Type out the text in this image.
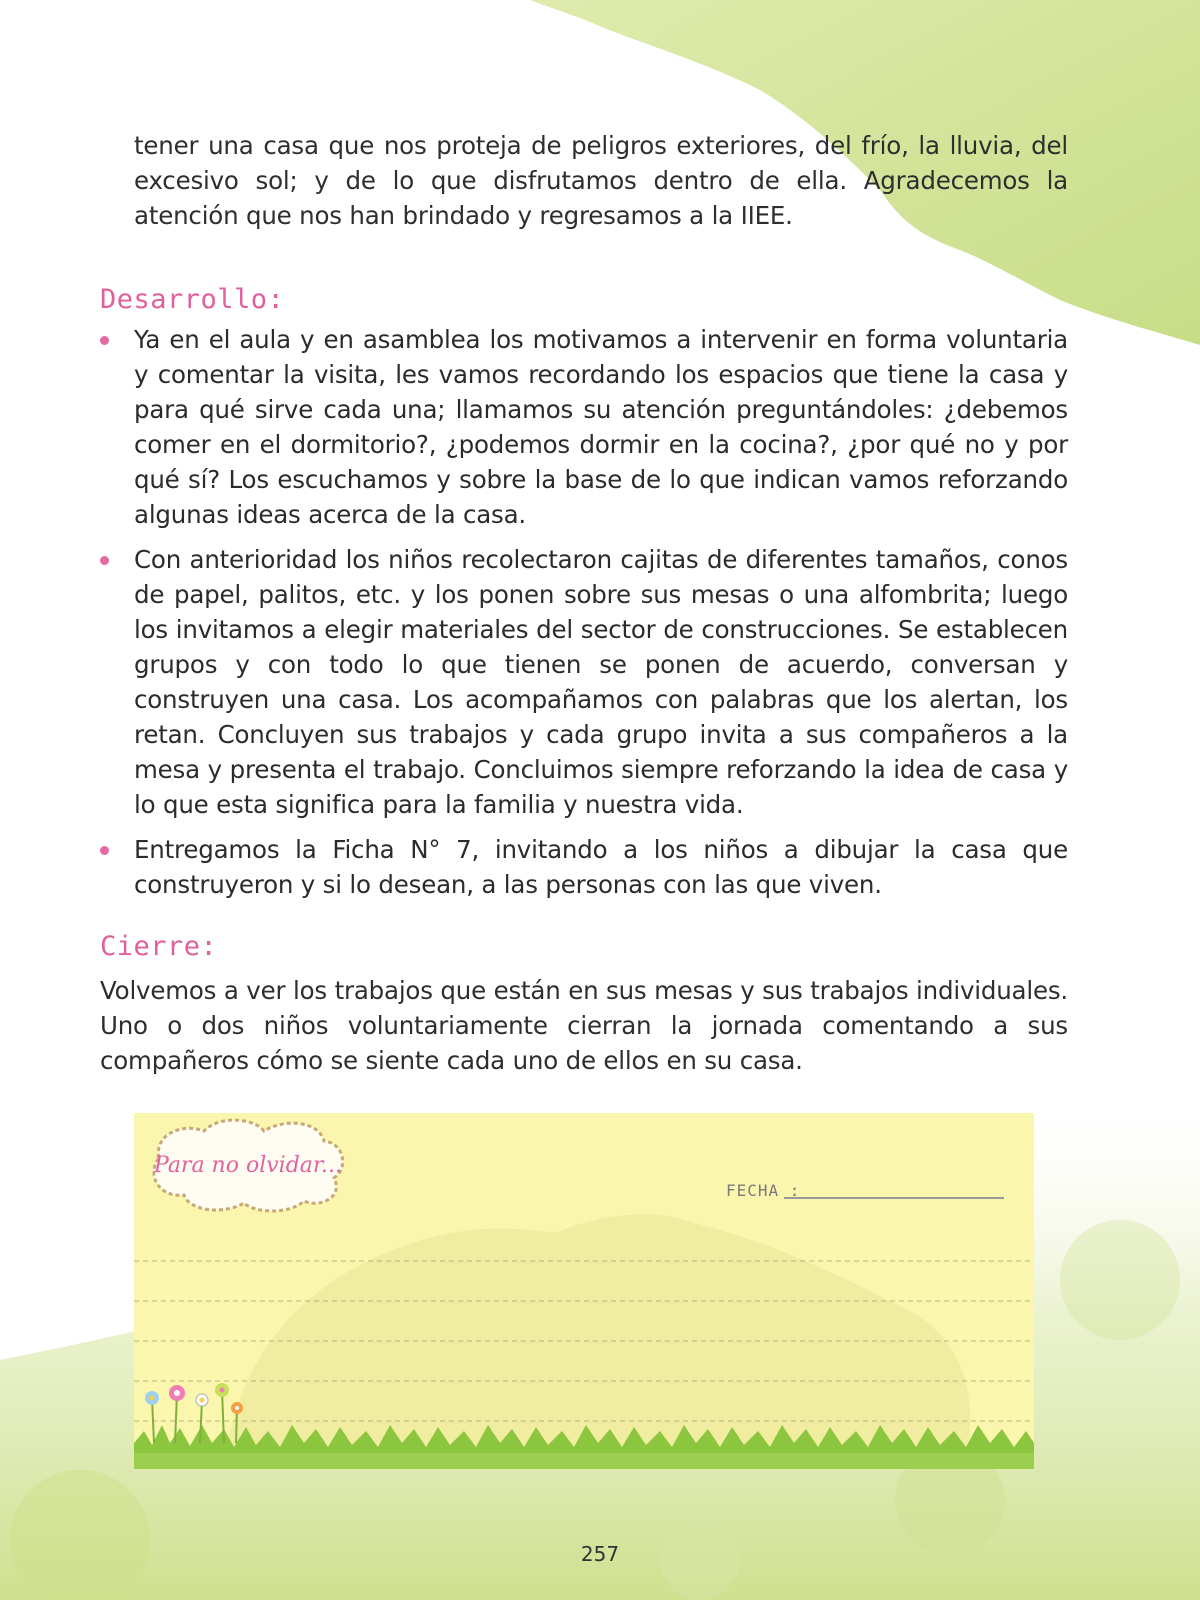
tener una casa que nos proteja de peligros exteriores, del frío, la lluvia, del excesivo sol; y de lo que disfrutamos dentro de ella. Agradecemos la atención que nos han brindado y regresamos a la IIEE.
Desarrollo:
Ya en el aula y en asamblea los motivamos a intervenir en forma voluntaria y comentar la visita, les vamos recordando los espacios que tiene la casa y para qué sirve cada una; llamamos su atención preguntándoles: ¿debemos comer en el dormitorio?, ¿podemos dormir en la cocina?, ¿por qué no y por qué sí? Los escuchamos y sobre la base de lo que indican vamos reforzando algunas ideas acerca de la casa.
Con anterioridad los niños recolectaron cajitas de diferentes tamaños, conos de papel, palitos, etc. y los ponen sobre sus mesas o una alfombrita; luego los invitamos a elegir materiales del sector de construcciones. Se establecen grupos y con todo lo que tienen se ponen de acuerdo, conversan y construyen una casa. Los acompañamos con palabras que los alertan, los retan. Concluyen sus trabajos y cada grupo invita a sus compañeros a la mesa y presenta el trabajo. Concluimos siempre reforzando la idea de casa y lo que esta significa para la familia y nuestra vida.
Entregamos la Ficha N° 7, invitando a los niños a dibujar la casa que construyeron y si lo desean, a las personas con las que viven.
Cierre:
Volvemos a ver los trabajos que están en sus mesas y sus trabajos individuales. Uno o dos niños voluntariamente cierran la jornada comentando a sus compañeros cómo se siente cada uno de ellos en su casa.
Para no olvidar...
FECHA :
257
